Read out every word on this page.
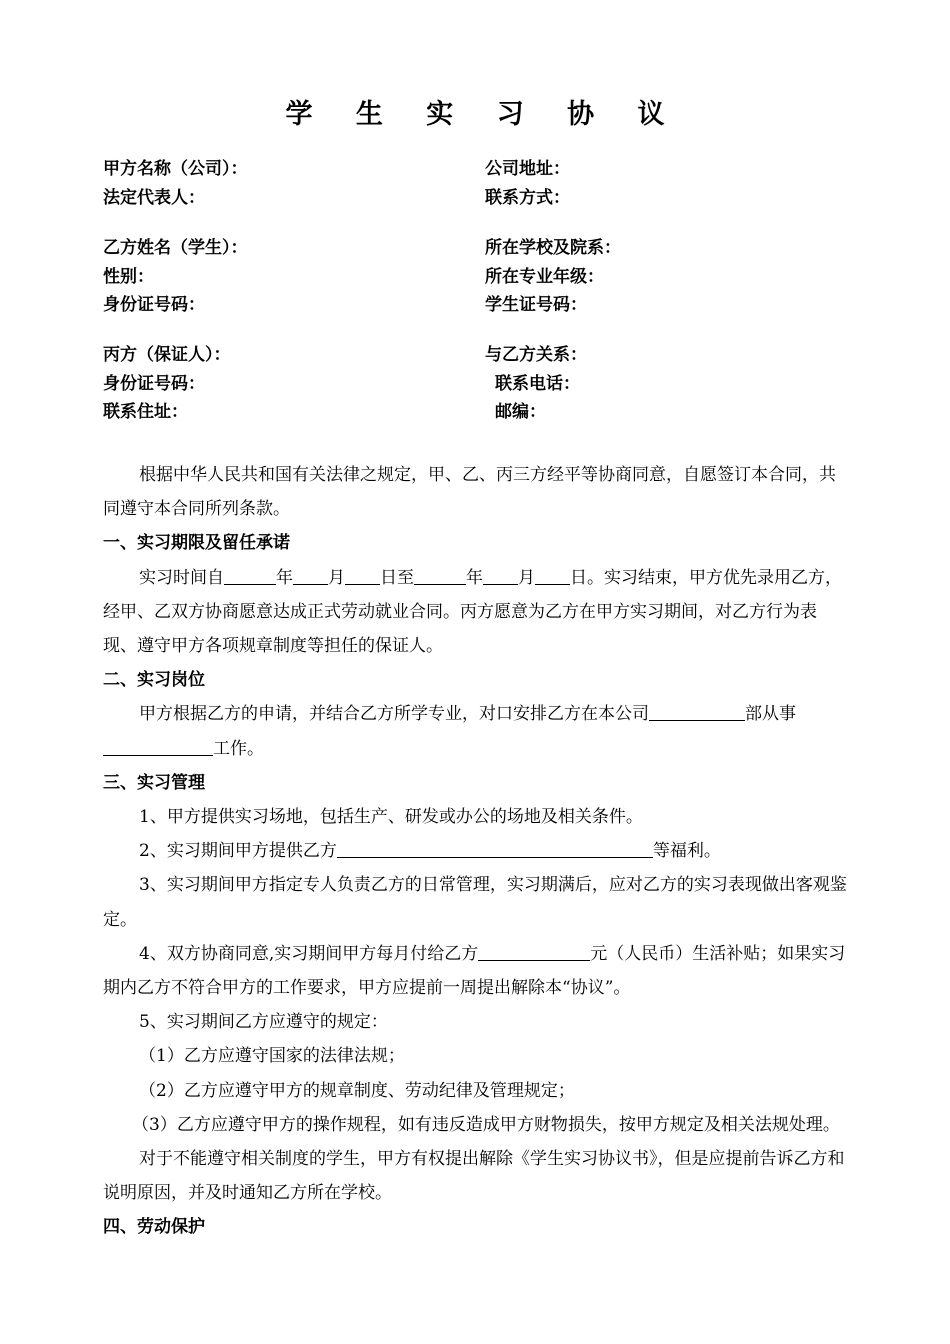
学 生 实 习 协 议
甲方名称（公司）：	公司地址：
法定代表人：	联系方式：
乙方姓名（学生）：	所在学校及院系：
性别：	所在专业年级：
身份证号码：	学生证号码：
丙方（保证人）：	与乙方关系：
身份证号码：	联系电话：
联系住址：	邮编：

根据中华人民共和国有关法律之规定，甲、乙、丙三方经平等协商同意，自愿签订本合同，共同遵守本合同所列条款。

一、实习期限及留任承诺

实习时间自	年 月 日至	年 月 日。实习结束，甲方优先录用乙方，经甲、乙双方协商愿意达成正式劳动就业合同。丙方愿意为乙方在甲方实习期间，对乙方行为表现、遵守甲方各项规章制度等担任的保证人。

二、实习岗位

甲方根据乙方的申请，并结合乙方所学专业，对口安排乙方在本公司	部从事工作。

三、实习管理

1、甲方提供实习场地，包括生产、研发或办公的场地及相关条件。

2、实习期间甲方提供乙方	等福利。

3、实习期间甲方指定专人负责乙方的日常管理，实习期满后，应对乙方的实习表现做出客观鉴定。

4、双方协商同意,实习期间甲方每月付给乙方	元（人民币）生活补贴；如果实习期内乙方不符合甲方的工作要求，甲方应提前一周提出解除本“协议”。

5、实习期间乙方应遵守的规定：

（1）乙方应遵守国家的法律法规；

（2）乙方应遵守甲方的规章制度、劳动纪律及管理规定；

（3）乙方应遵守甲方的操作规程，如有违反造成甲方财物损失，按甲方规定及相关法规处理。

对于不能遵守相关制度的学生，甲方有权提出解除《学生实习协议书》，但是应提前告诉乙方和说明原因，并及时通知乙方所在学校。

四、劳动保护
